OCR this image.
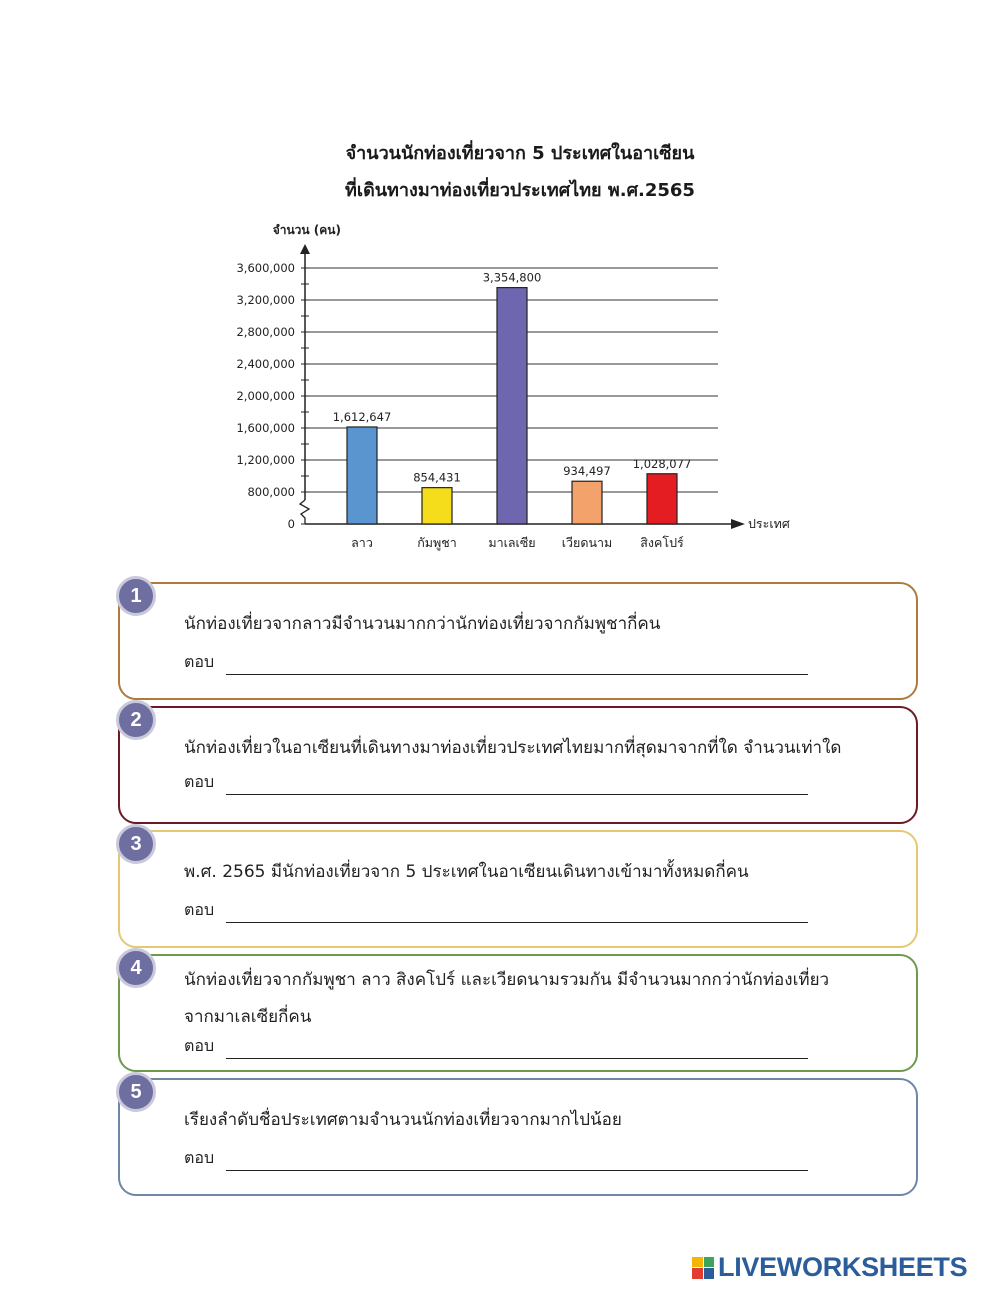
จำนวนนักท่องเที่ยวจาก 5 ประเทศในอาเซียน
ที่เดินทางมาท่องเที่ยวประเทศไทย พ.ศ.2565
0
800,000
1,200,000
1,600,000
2,000,000
2,400,000
2,800,000
3,200,000
3,600,000
จำนวน (คน)
ประเทศ
1,612,647
ลาว
854,431
กัมพูชา
3,354,800
มาเลเซีย
934,497
เวียดนาม
1,028,077
สิงคโปร์
1
นักท่องเที่ยวจากลาวมีจำนวนมากกว่านักท่องเที่ยวจากกัมพูชากี่คน
ตอบ
2
นักท่องเที่ยวในอาเซียนที่เดินทางมาท่องเที่ยวประเทศไทยมากที่สุดมาจากที่ใด จำนวนเท่าใด
ตอบ
3
พ.ศ. 2565 มีนักท่องเที่ยวจาก 5 ประเทศในอาเซียนเดินทางเข้ามาทั้งหมดกี่คน
ตอบ
4
นักท่องเที่ยวจากกัมพูชา ลาว สิงคโปร์ และเวียดนามรวมกัน มีจำนวนมากกว่านักท่องเที่ยว
จากมาเลเซียกี่คน
ตอบ
5
เรียงลำดับชื่อประเทศตามจำนวนนักท่องเที่ยวจากมากไปน้อย
ตอบ
LIVEWORKSHEETS
